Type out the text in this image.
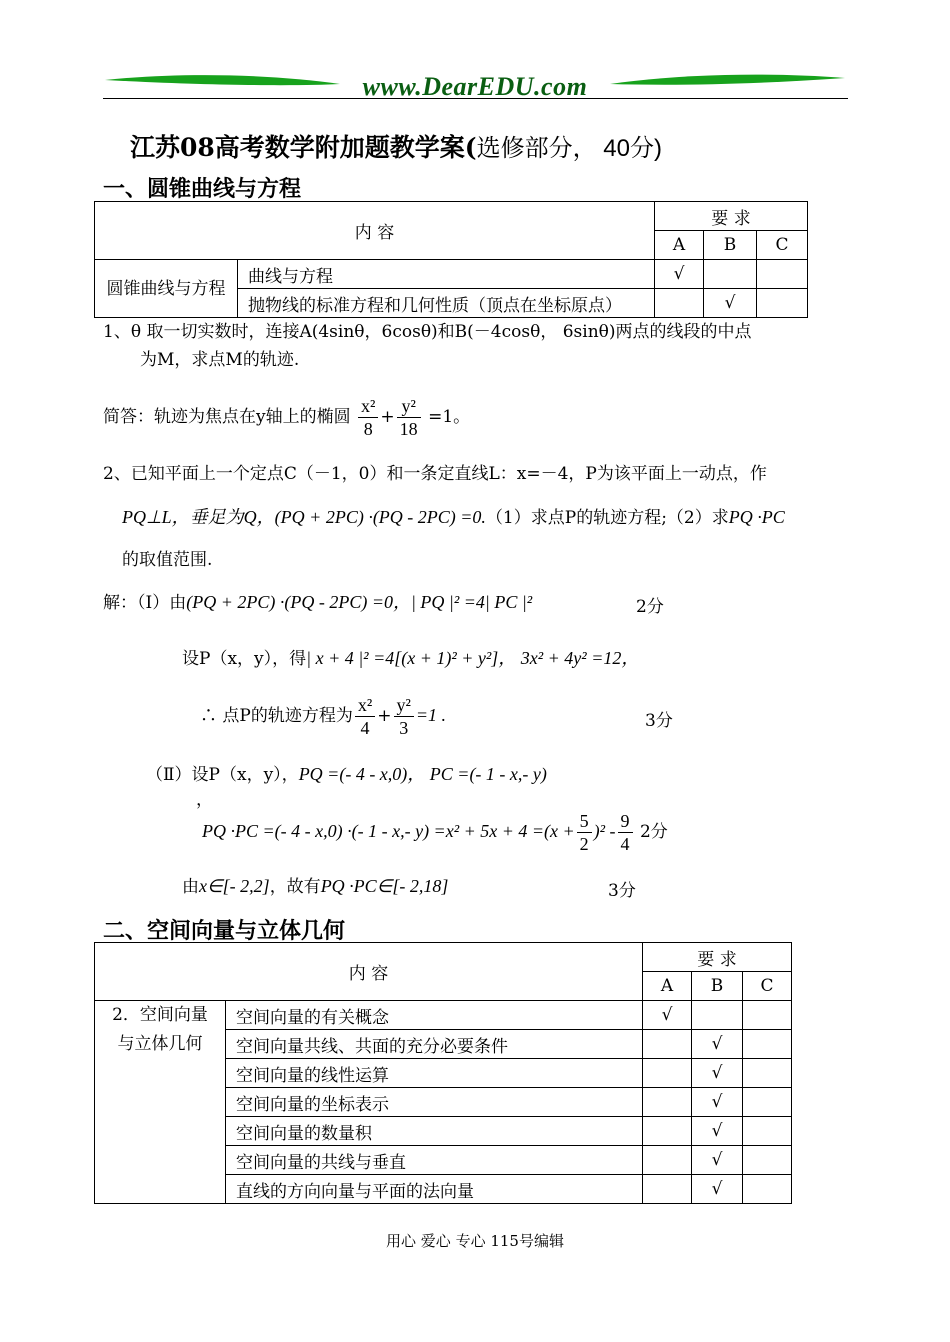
www.DearEDU.com
江苏08高考数学附加题教学案(选修部分， 40分)
一、圆锥曲线与方程
内 容		要 求		
		A	B	C
圆锥曲线与方程	曲线与方程	√		
	抛物线的标准方程和几何性质（顶点在坐标原点）		√	
1、θ 取一切实数时，连接A(4sinθ，6cosθ)和B(－4cosθ， 6sinθ)两点的线段的中点
为M，求点M的轨迹.
简答：轨迹为焦点在y轴上的椭圆 $\frac{\text{x²}}{8} + \frac{\text{y²}}{18} =1$。
2、已知平面上一个定点C（－1，0）和一条定直线L：x=－4，P为该平面上一动点，作
PQ⊥L，垂足为Q，(PQ + 2PC) ·(PQ - 2PC) =0.（1）求点P的轨迹方程;（2）求PQ ·PC
的取值范围.
解：（Ⅰ）由(PQ + 2PC) ·(PQ - 2PC) =0，| PQ |² =4| PC |²	2分
设P（x，y），得| x + 4 |² =4[(x + 1)² + y²]， 3x² + 4y² =12，
∴ 点P的轨迹方程为 $\frac{\text{x²}}{4} + \frac{\text{y²}}{3} =1$ .	3分
（Ⅱ）设P（x，y），PQ =(- 4 - x,0)， PC =(- 1 - x,- y)
，
PQ ·PC =(- 4 - x,0) ·(- 1 - x,- $y) =x^2 + 5x + 4 =(x + \frac{5}{2} )^2 - \frac{9}{4} 2$分
由x∈[- 2,2]，故有PQ ·PC∈[- 2,18]	3分
二、空间向量与立体几何
内 容		要 求		
		A	B	C
2．空间向量与立体几何	空间向量的有关概念	√		
	空间向量共线、共面的充分必要条件		√	
	空间向量的线性运算		√	
	空间向量的坐标表示		√	
	空间向量的数量积		√	
	空间向量的共线与垂直		√	
	直线的方向向量与平面的法向量		√	
用心 爱心 专心 115号编辑
